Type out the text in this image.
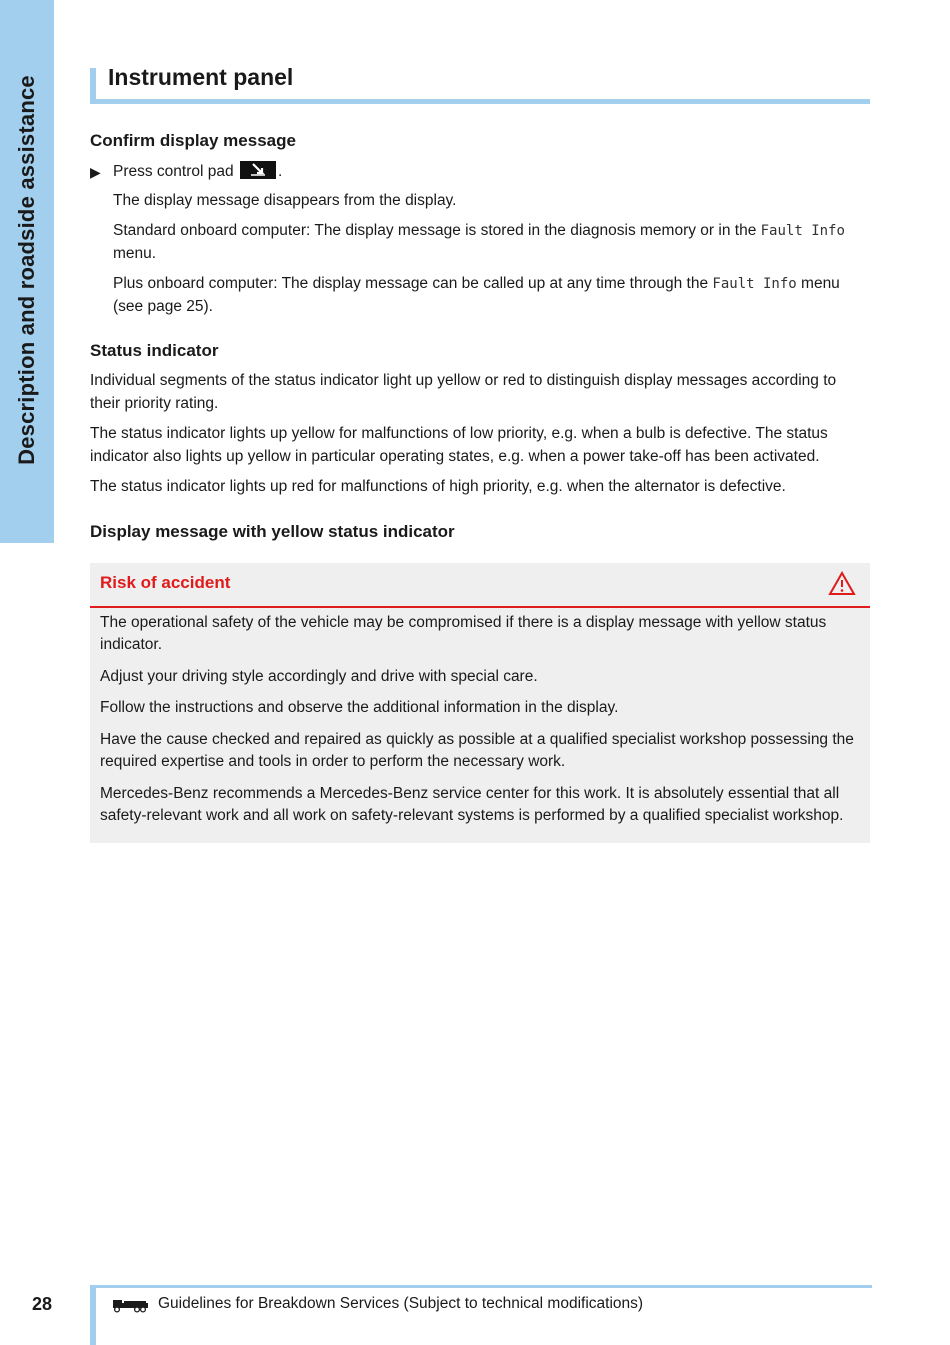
Description and roadside assistance	Instrument panel
Confirm display message
▶ Press control pad	.

The display message disappears from the display.

Standard onboard computer: The display message is stored in the diagnosis memory or in the Fault Info menu.

Plus onboard computer: The display message can be called up at any time through the Fault Info menu (see page 25).

Status indicator

Individual segments of the status indicator light up yellow or red to distinguish display messages according to their priority rating.

The status indicator lights up yellow for malfunctions of low priority, e.g. when a bulb is defective. The status indicator also lights up yellow in particular operating states, e.g. when a power take-off has been activated.

The status indicator lights up red for malfunctions of high priority, e.g. when the alternator is defective.

Display message with yellow status indicator
Risk of accident

The operational safety of the vehicle may be compromised if there is a display message with yellow status indicator.

Adjust your driving style accordingly and drive with special care.

Follow the instructions and observe the additional information in the display.

Have the cause checked and repaired as quickly as possible at a qualified specialist workshop possessing the required expertise and tools in order to perform the necessary work.

Mercedes-Benz recommends a Mercedes-Benz service center for this work. It is absolutely essential that all safety-relevant work and all work on safety-relevant systems is performed by a qualified specialist workshop.

28	Guidelines for Breakdown Services (Subject to technical modifications)
